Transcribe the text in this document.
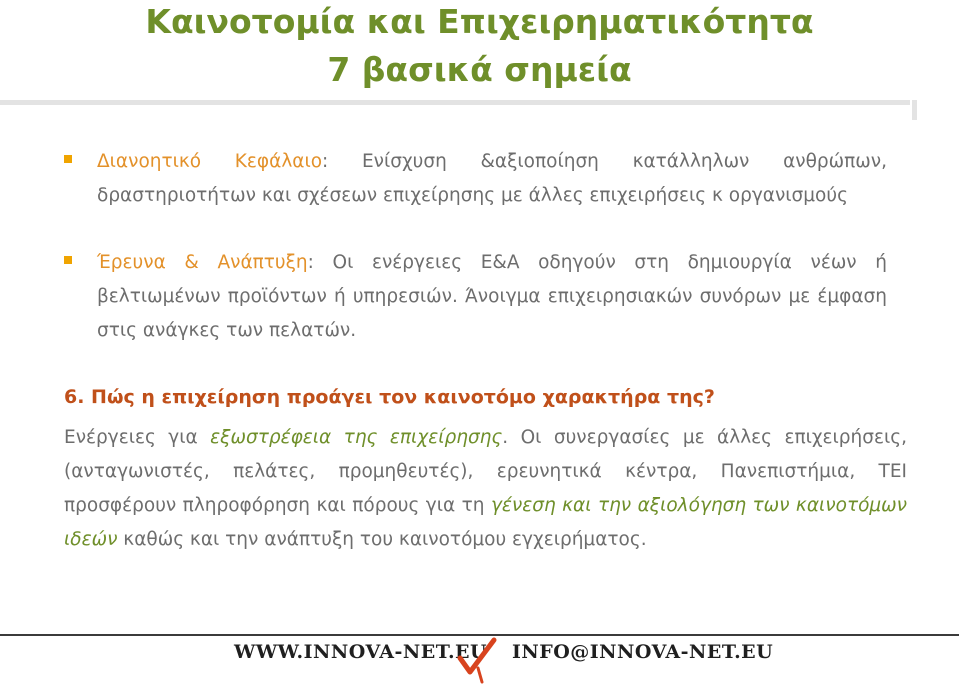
Καινοτομία και Επιχειρηματικότητα
7 βασικά σημεία

Διανοητικό Κεφάλαιο: Ενίσχυση &αξιοποίηση κατάλληλων ανθρώπων, δραστηριοτήτων και σχέσεων επιχείρησης με άλλες επιχειρήσεις κ οργανισμούς

Έρευνα & Ανάπτυξη: Οι ενέργειες Ε&Α οδηγούν στη δημιουργία νέων ή βελτιωμένων προϊόντων ή υπηρεσιών. Άνοιγμα επιχειρησιακών συνόρων με έμφαση στις ανάγκες των πελατών.

6. Πώς η επιχείρηση προάγει τον καινοτόμο χαρακτήρα της?

Ενέργειες για εξωστρέφεια της επιχείρησης. Οι συνεργασίες με άλλες επιχειρήσεις, (ανταγωνιστές, πελάτες, προμηθευτές), ερευνητικά κέντρα, Πανεπιστήμια, ΤΕΙ προσφέρουν πληροφόρηση και πόρους για τη γένεση και την αξιολόγηση των καινοτόμων ιδεών καθώς και την ανάπτυξη του καινοτόμου εγχειρήματος.

WWW.INNOVA-NET.EU INFO@INNOVA-NET.EU
